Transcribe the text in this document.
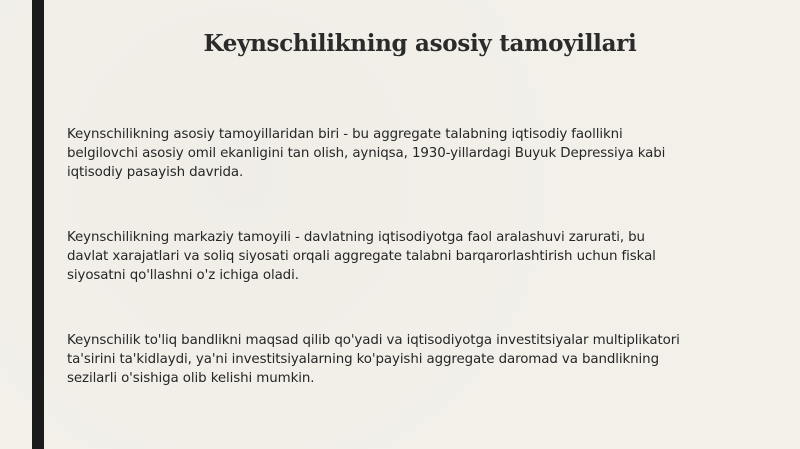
Keynschilikning asosiy tamoyillari
Keynschilikning asosiy tamoyillaridan biri - bu aggregate talabning iqtisodiy faollikni
belgilovchi asosiy omil ekanligini tan olish, ayniqsa, 1930-yillardagi Buyuk Depressiya kabi
iqtisodiy pasayish davrida.
Keynschilikning markaziy tamoyili - davlatning iqtisodiyotga faol aralashuvi zarurati, bu
davlat xarajatlari va soliq siyosati orqali aggregate talabni barqarorlashtirish uchun fiskal
siyosatni qo'llashni o'z ichiga oladi.
Keynschilik to'liq bandlikni maqsad qilib qo'yadi va iqtisodiyotga investitsiyalar multiplikatori
ta'sirini ta'kidlaydi, ya'ni investitsiyalarning ko'payishi aggregate daromad va bandlikning
sezilarli o'sishiga olib kelishi mumkin.
